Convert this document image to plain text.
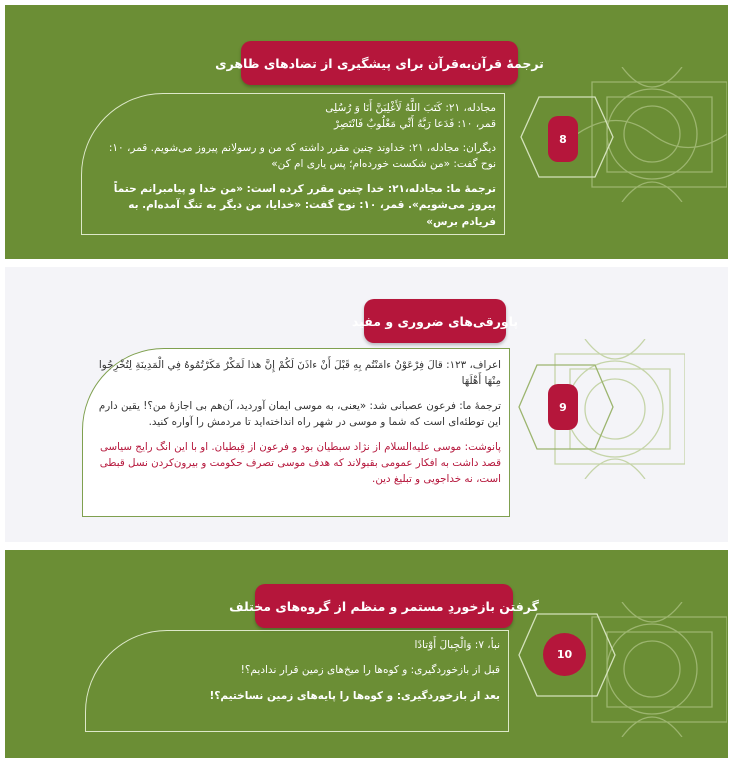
8
ترجمۀ قرآن‌به‌قرآن برای پیشگیری از تضادهای ظاهری

مجادله، ۲۱: کَتَبَ اللَّهُ لَأَغْلِبَنَّ أَنَا وَ رُسُلِی
قمر، ۱۰: فَدَعا رَبَّهُ أَنِّي مَغْلُوبٌ فَانْتَصِرْ

دیگران: مجادله، ۲۱: خداوند چنین مقرر داشته که من و رسولانم پیروز می‌شویم. قمر، ۱۰: نوح گفت: «من شکست خورده‌ام؛ پس یاری ام کن»

ترجمۀ ما: مجادله،۲۱: خدا چنین مقرر کرده است: «من خدا و پیامبرانم حتماً پیروز می‌شویم». قمر، ۱۰: نوح گفت: «خدایا، من دیگر به تنگ آمده‌ام. به فریادم برس»

9
پاورقی‌های ضروری و مفید

اعراف، ۱۲۳: قالَ فِرْعَوْنُ ءامَنْتُم بِهِ قَبْلَ أَنْ ءاذَنَ لَكُمْ إِنَّ هذا لَمَكْرٌ مَكَرْتُمُوهُ فِي الْمَدِينَةِ لِتُخْرِجُوا مِنْهَا أَهْلَهَا

ترجمۀ ما: فرعون عصبانی شد: «یعنی، به موسی ایمان آوردید، آن‌هم بی اجازۀ من؟! یقین دارم این توطئه‌ای است که شما و موسی در شهر راه انداخته‌اید تا مردمش را آواره کنید.

پانوشت: موسی علیه‌السلام از نژاد سبطیان بود و فرعون از قِبطیان. او با این انگ رایج سیاسی قصد داشت به افکار عمومی بقبولاند که هدف موسی تصرف حکومت و بیرون‌کردن نسل قبطی است، نه خداجویی و تبلیغ دین.

10
گرفتن بازخوردِ مستمر و منظم از گروه‌های مختلف

نبأ، ۷: وَالْجِبالَ أَوْتادًا

قبل از بازخوردگیری: و کوه‌ها را میخ‌های زمین قرار ندادیم؟!

بعد از بازخوردگیری: و کوه‌ها را پایه‌های زمین نساختیم؟!
